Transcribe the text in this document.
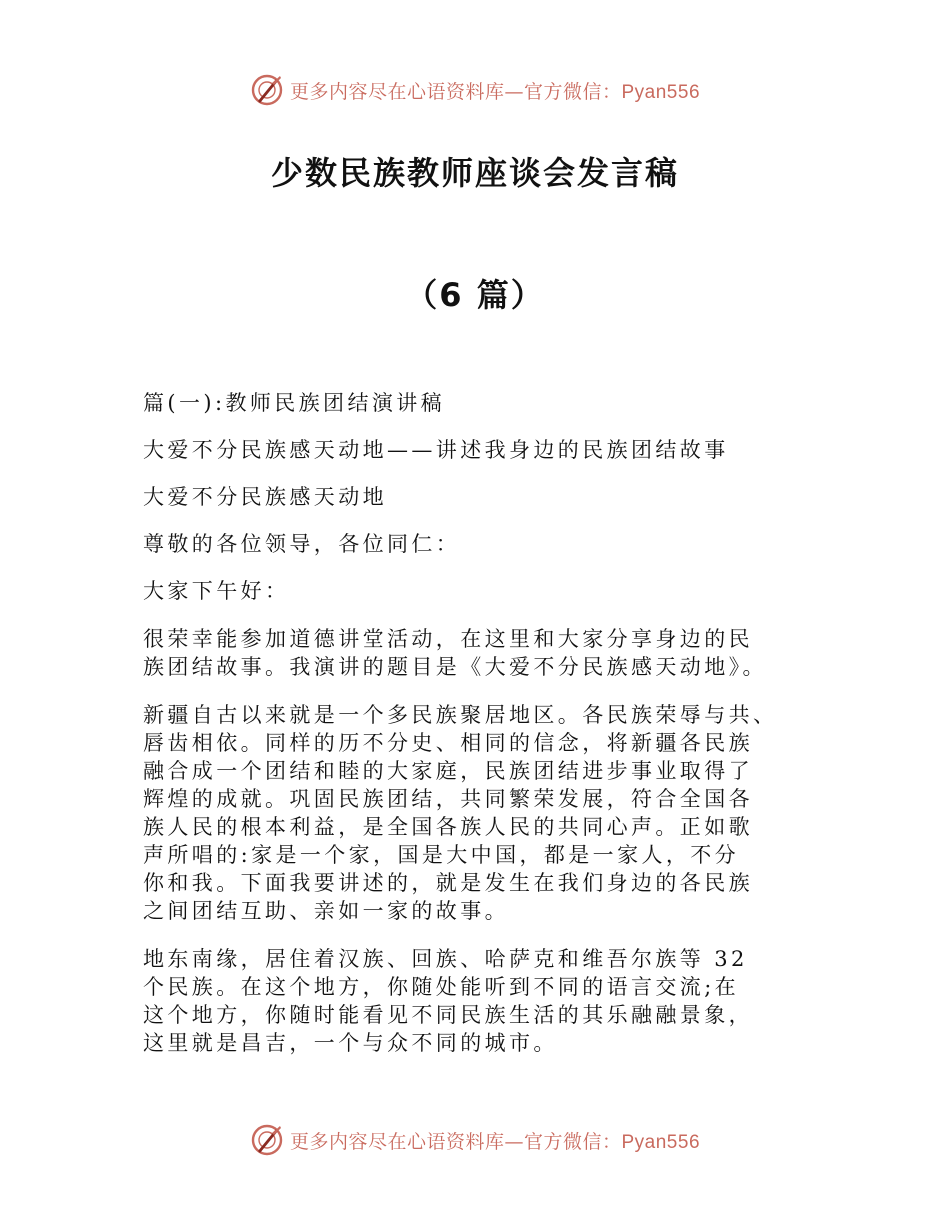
更多内容尽在心语资料库—官方微信：Pyan556
少数民族教师座谈会发言稿
（6 篇）

篇(一):教师民族团结演讲稿

大爱不分民族感天动地——讲述我身边的民族团结故事

大爱不分民族感天动地

尊敬的各位领导，各位同仁：

大家下午好：

很荣幸能参加道德讲堂活动，在这里和大家分享身边的民
族团结故事。我演讲的题目是《大爱不分民族感天动地》。
新疆自古以来就是一个多民族聚居地区。各民族荣辱与共、
唇齿相依。同样的历不分史、相同的信念，将新疆各民族
融合成一个团结和睦的大家庭，民族团结进步事业取得了
辉煌的成就。巩固民族团结，共同繁荣发展，符合全国各
族人民的根本利益，是全国各族人民的共同心声。正如歌
声所唱的:家是一个家，国是大中国，都是一家人，不分
你和我。下面我要讲述的，就是发生在我们身边的各民族
之间团结互助、亲如一家的故事。
地东南缘，居住着汉族、回族、哈萨克和维吾尔族等 32
个民族。在这个地方，你随处能听到不同的语言交流;在
这个地方，你随时能看见不同民族生活的其乐融融景象，
这里就是昌吉，一个与众不同的城市。
更多内容尽在心语资料库—官方微信：Pyan556
